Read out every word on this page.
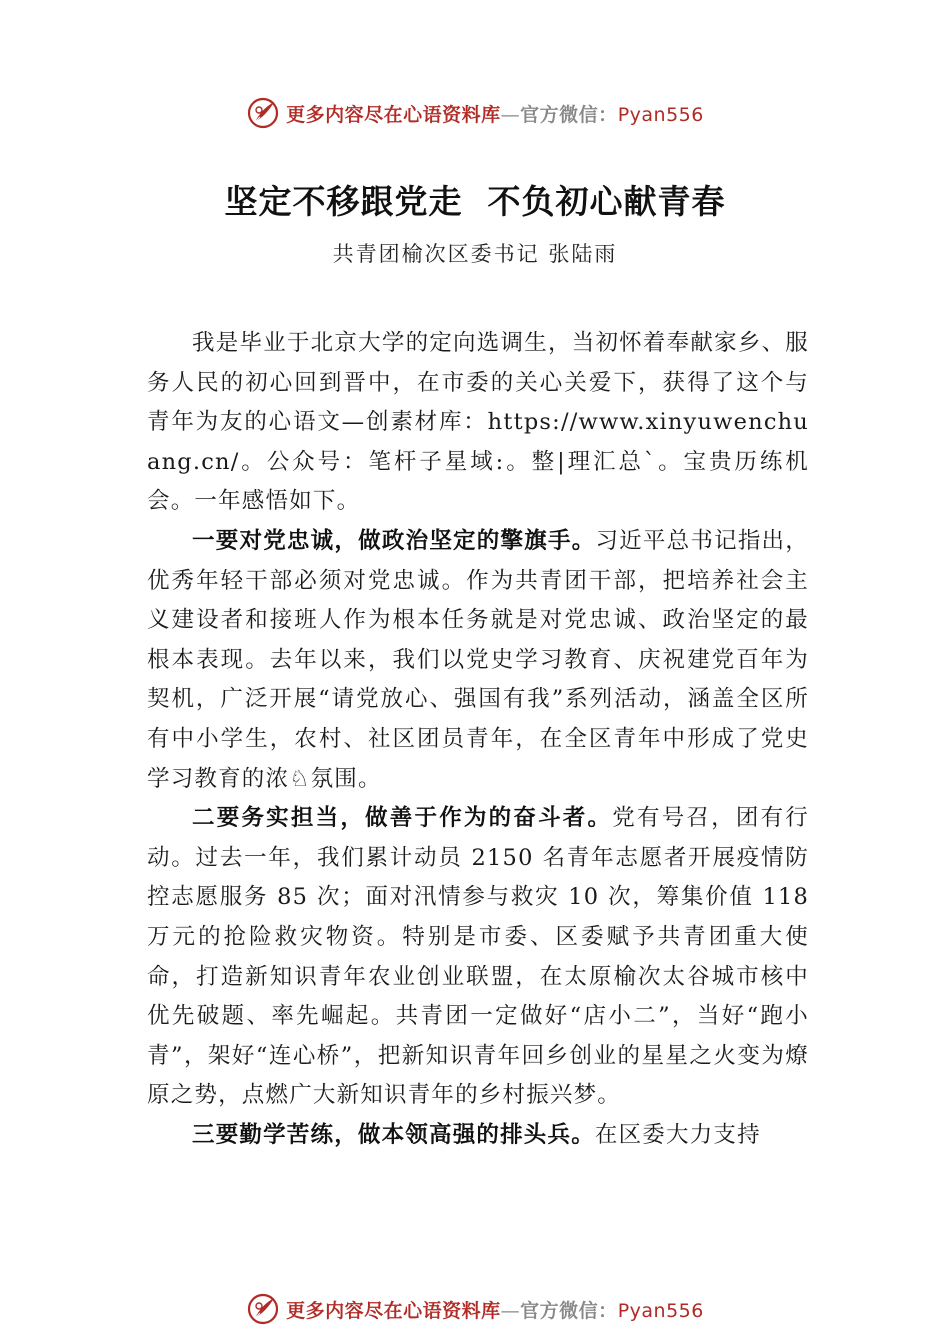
更多内容尽在心语资料库—官方微信：Pyan556
坚定不移跟党走  不负初心献青春
共青团榆次区委书记 张陆雨

我是毕业于北京大学的定向选调生，当初怀着奉献家乡、服务人民的初心回到晋中，在市委的关心关爱下，获得了这个与青年为友的心语文—创素材库：https://www.xinyuwenchuang.cn/。公众号：笔杆子星域:。整|理汇总`。宝贵历练机会。一年感悟如下。

一要对党忠诚，做政治坚定的擎旗手。习近平总书记指出，优秀年轻干部必须对党忠诚。作为共青团干部，把培养社会主义建设者和接班人作为根本任务就是对党忠诚、政治坚定的最根本表现。去年以来，我们以党史学习教育、庆祝建党百年为契机，广泛开展“请党放心、强国有我”系列活动，涵盖全区所有中小学生，农村、社区团员青年，在全区青年中形成了党史学习教育的浓♘氛围。

二要务实担当，做善于作为的奋斗者。党有号召，团有行动。过去一年，我们累计动员 2150 名青年志愿者开展疫情防控志愿服务 85 次；面对汛情参与救灾 10 次，筹集价值 118 万元的抢险救灾物资。特别是市委、区委赋予共青团重大使命，打造新知识青年农业创业联盟，在太原榆次太谷城市核中优先破题、率先崛起。共青团一定做好“店小二”，当好“跑小青”，架好“连心桥”，把新知识青年回乡创业的星星之火变为燎原之势，点燃广大新知识青年的乡村振兴梦。

三要勤学苦练，做本领高强的排头兵。在区委大力支持

更多内容尽在心语资料库—官方微信：Pyan556
